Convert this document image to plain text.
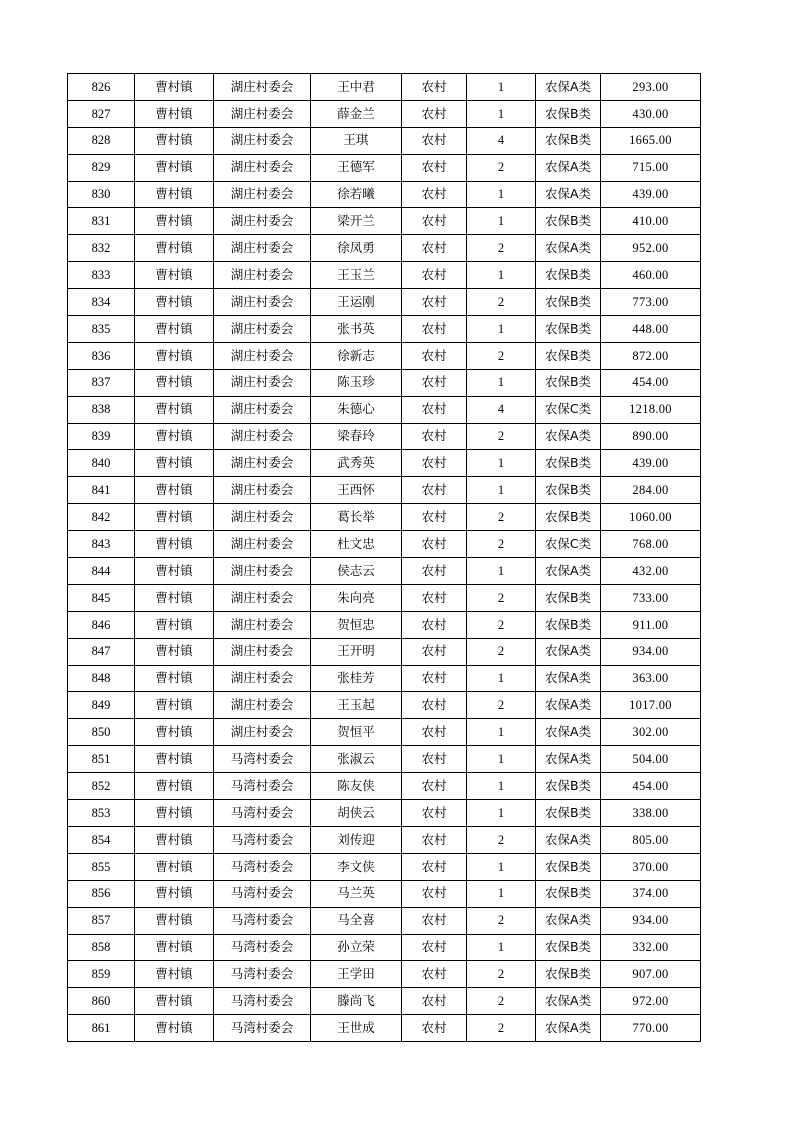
826	曹村镇	湖庄村委会	王中君	农村	1	农保A类	293.00
827	曹村镇	湖庄村委会	薛金兰	农村	1	农保B类	430.00
828	曹村镇	湖庄村委会	王琪	农村	4	农保B类	1665.00
829	曹村镇	湖庄村委会	王德军	农村	2	农保A类	715.00
830	曹村镇	湖庄村委会	徐若曦	农村	1	农保A类	439.00
831	曹村镇	湖庄村委会	梁开兰	农村	1	农保B类	410.00
832	曹村镇	湖庄村委会	徐凤勇	农村	2	农保A类	952.00
833	曹村镇	湖庄村委会	王玉兰	农村	1	农保B类	460.00
834	曹村镇	湖庄村委会	王运刚	农村	2	农保B类	773.00
835	曹村镇	湖庄村委会	张书英	农村	1	农保B类	448.00
836	曹村镇	湖庄村委会	徐新志	农村	2	农保B类	872.00
837	曹村镇	湖庄村委会	陈玉珍	农村	1	农保B类	454.00
838	曹村镇	湖庄村委会	朱德心	农村	4	农保C类	1218.00
839	曹村镇	湖庄村委会	梁春玲	农村	2	农保A类	890.00
840	曹村镇	湖庄村委会	武秀英	农村	1	农保B类	439.00
841	曹村镇	湖庄村委会	王西怀	农村	1	农保B类	284.00
842	曹村镇	湖庄村委会	葛长举	农村	2	农保B类	1060.00
843	曹村镇	湖庄村委会	杜文忠	农村	2	农保C类	768.00
844	曹村镇	湖庄村委会	侯志云	农村	1	农保A类	432.00
845	曹村镇	湖庄村委会	朱向亮	农村	2	农保B类	733.00
846	曹村镇	湖庄村委会	贺恒忠	农村	2	农保B类	911.00
847	曹村镇	湖庄村委会	王开明	农村	2	农保A类	934.00
848	曹村镇	湖庄村委会	张桂芳	农村	1	农保A类	363.00
849	曹村镇	湖庄村委会	王玉起	农村	2	农保A类	1017.00
850	曹村镇	湖庄村委会	贺恒平	农村	1	农保A类	302.00
851	曹村镇	马湾村委会	张淑云	农村	1	农保A类	504.00
852	曹村镇	马湾村委会	陈友侠	农村	1	农保B类	454.00
853	曹村镇	马湾村委会	胡侠云	农村	1	农保B类	338.00
854	曹村镇	马湾村委会	刘传迎	农村	2	农保A类	805.00
855	曹村镇	马湾村委会	李文侠	农村	1	农保B类	370.00
856	曹村镇	马湾村委会	马兰英	农村	1	农保B类	374.00
857	曹村镇	马湾村委会	马全喜	农村	2	农保A类	934.00
858	曹村镇	马湾村委会	孙立荣	农村	1	农保B类	332.00
859	曹村镇	马湾村委会	王学田	农村	2	农保B类	907.00
860	曹村镇	马湾村委会	滕尚飞	农村	2	农保A类	972.00
861	曹村镇	马湾村委会	王世成	农村	2	农保A类	770.00
